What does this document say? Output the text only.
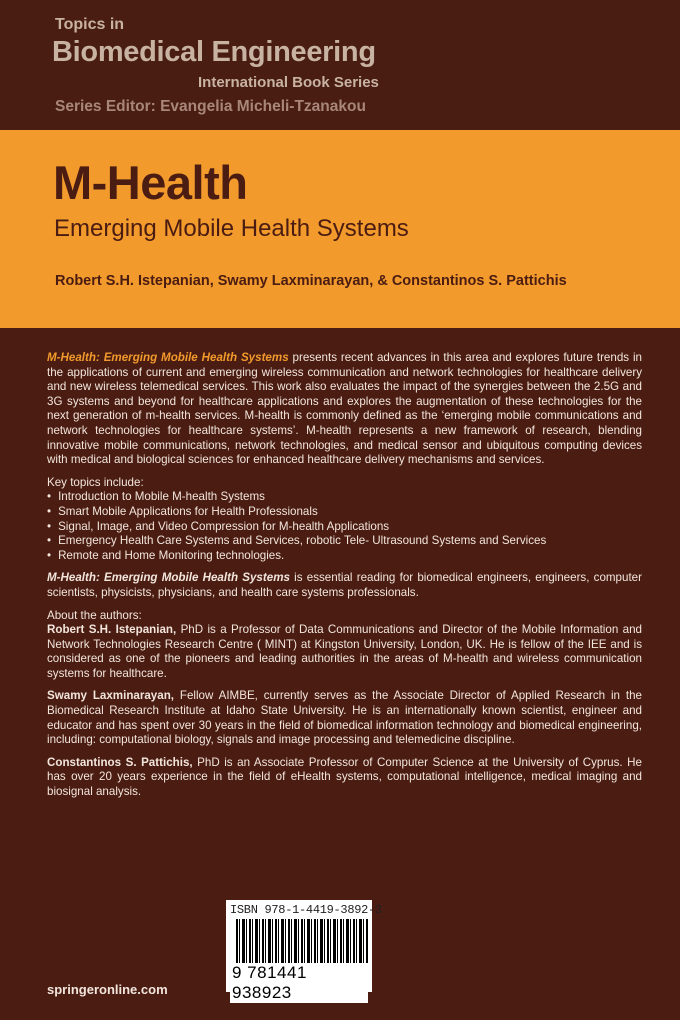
Topics in
Biomedical Engineering
International Book Series
Series Editor: Evangelia Micheli-Tzanakou
M-Health
Emerging Mobile Health Systems
Robert S.H. Istepanian, Swamy Laxminarayan, & Constantinos S. Pattichis

M-Health: Emerging Mobile Health Systems presents recent advances in this area and explores future trends in the applications of current and emerging wireless communication and network technologies for healthcare delivery and new wireless telemedical services. This work also evaluates the impact of the synergies between the 2.5G and 3G systems and beyond for healthcare applications and explores the augmentation of these technologies for the next generation of m-health services. M-health is commonly defined as the ‘emerging mobile communications and network technologies for healthcare systems’. M-health represents a new framework of research, blending innovative mobile communications, network technologies, and medical sensor and ubiquitous computing devices with medical and biological sciences for enhanced healthcare delivery mechanisms and services.

Key topics include:
• Introduction to Mobile M-health Systems
• Smart Mobile Applications for Health Professionals
• Signal, Image, and Video Compression for M-health Applications
• Emergency Health Care Systems and Services, robotic Tele- Ultrasound Systems and Services
• Remote and Home Monitoring technologies.

M-Health: Emerging Mobile Health Systems is essential reading for biomedical engineers, engineers, computer scientists, physicists, physicians, and health care systems professionals.

About the authors:

Robert S.H. Istepanian, PhD is a Professor of Data Communications and Director of the Mobile Information and Network Technologies Research Centre ( MINT) at Kingston University, London, UK. He is fellow of the IEE and is considered as one of the pioneers and leading authorities in the areas of M-health and wireless communication systems for healthcare.

Swamy Laxminarayan, Fellow AIMBE, currently serves as the Associate Director of Applied Research in the Biomedical Research Institute at Idaho State University. He is an internationally known scientist, engineer and educator and has spent over 30 years in the field of biomedical information technology and biomedical engineering, including: computational biology, signals and image processing and telemedicine discipline.

Constantinos S. Pattichis, PhD is an Associate Professor of Computer Science at the University of Cyprus. He has over 20 years experience in the field of eHealth systems, computational intelligence, medical imaging and biosignal analysis.

ISBN 978-1-4419-3892-3
9 781441 938923
springeronline.com
